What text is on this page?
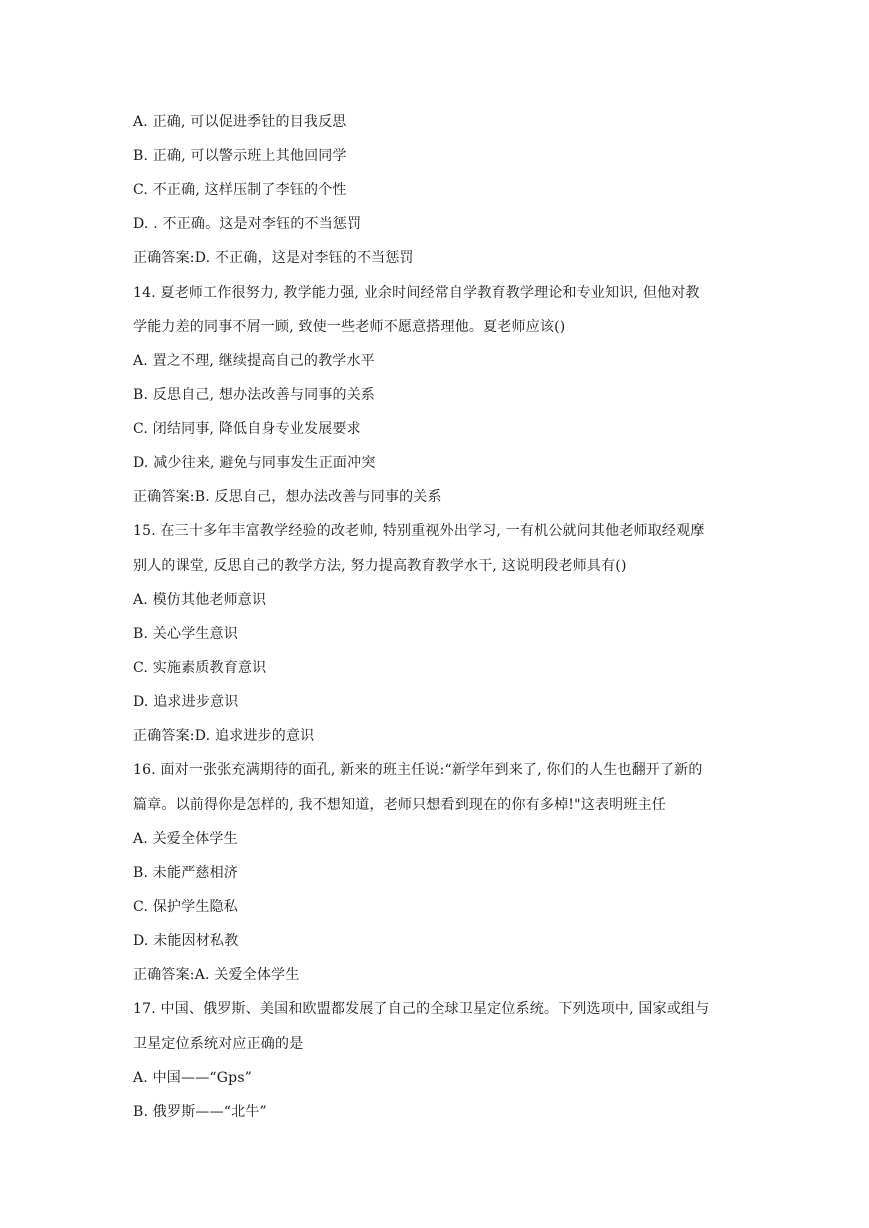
A. 正确, 可以促进季钍的目我反思
B. 正确, 可以警示班上其他回同学
C. 不正确, 这样压制了李钰的个性
D. . 不正确。这是对李钰的不当惩罚
正确答案:D. 不正确，这是对李钰的不当惩罚
14. 夏老师工作很努力, 教学能力强, 业余时间经常自学教育教学理论和专业知识, 但他对教
学能力差的同事不屑一顾, 致使一些老师不愿意搭理他。夏老师应该()
A. 置之不理, 继续提高自己的教学水平
B. 反思自己, 想办法改善与同事的关系
C. 闭结同事, 降低自身专业发展要求
D. 减少往来, 避免与同事发生正面冲突
正确答案:B. 反思自己，想办法改善与同事的关系
15. 在三十多年丰富教学经验的改老帅, 特别重视外出学习, 一有机公就问其他老师取经观摩
别人的课堂, 反思自己的教学方法, 努力提高教育教学水干, 这说明段老师具有()
A. 模仿其他老师意识
B. 关心学生意识
C. 实施素质教育意识
D. 追求进步意识
正确答案:D. 追求进步的意识
16. 面对一张张充满期待的面孔, 新来的班主任说:“新学年到来了, 你们的人生也翻开了新的
篇章。以前得你是怎样的, 我不想知道，老师只想看到现在的你有多棹!"这表明班主任
A. 关爱全体学生
B. 未能严慈相济
C. 保护学生隐私
D. 未能因材私教
正确答案:A. 关爱全体学生
17. 中国、俄罗斯、美国和欧盟都发展了自己的全球卫星定位系统。下列选项中, 国家或组与
卫星定位系统对应正确的是
A. 中国——“Gps”
B. 俄罗斯——“北牛”
